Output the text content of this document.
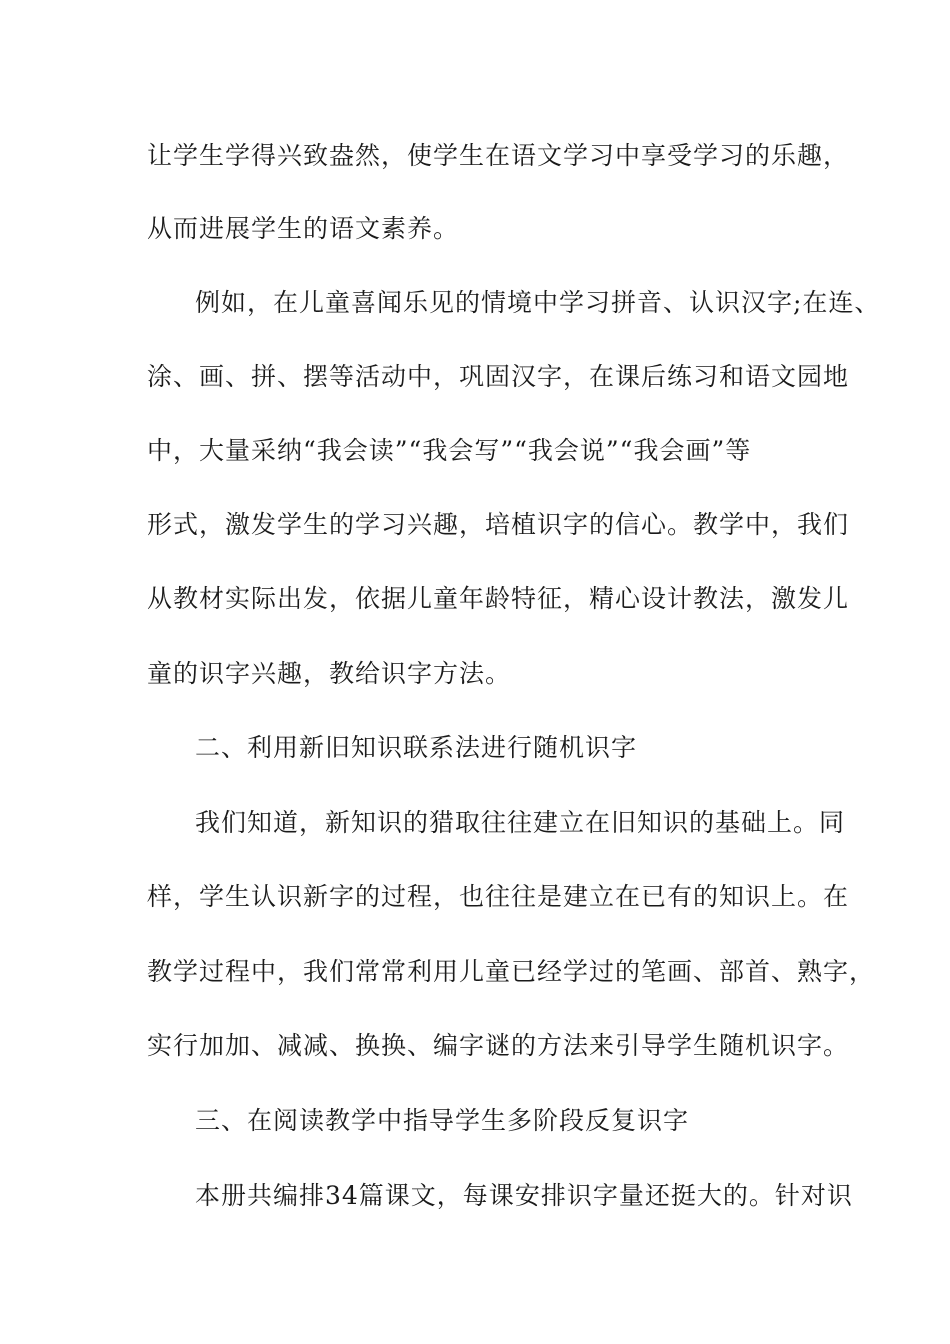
让学生学得兴致盎然，使学生在语文学习中享受学习的乐趣，
从而进展学生的语文素养。
例如，在儿童喜闻乐见的情境中学习拼音、认识汉字;在连、
涂、画、拼、摆等活动中，巩固汉字，在课后练习和语文园地
中，大量采纳“我会读”“我会写”“我会说”“我会画”等
形式，激发学生的学习兴趣，培植识字的信心。教学中，我们
从教材实际出发，依据儿童年龄特征，精心设计教法，激发儿
童的识字兴趣，教给识字方法。
二、利用新旧知识联系法进行随机识字
我们知道，新知识的猎取往往建立在旧知识的基础上。同
样，学生认识新字的过程，也往往是建立在已有的知识上。在
教学过程中，我们常常利用儿童已经学过的笔画、部首、熟字，
实行加加、减减、换换、编字谜的方法来引导学生随机识字。
三、在阅读教学中指导学生多阶段反复识字
本册共编排34篇课文，每课安排识字量还挺大的。针对识
